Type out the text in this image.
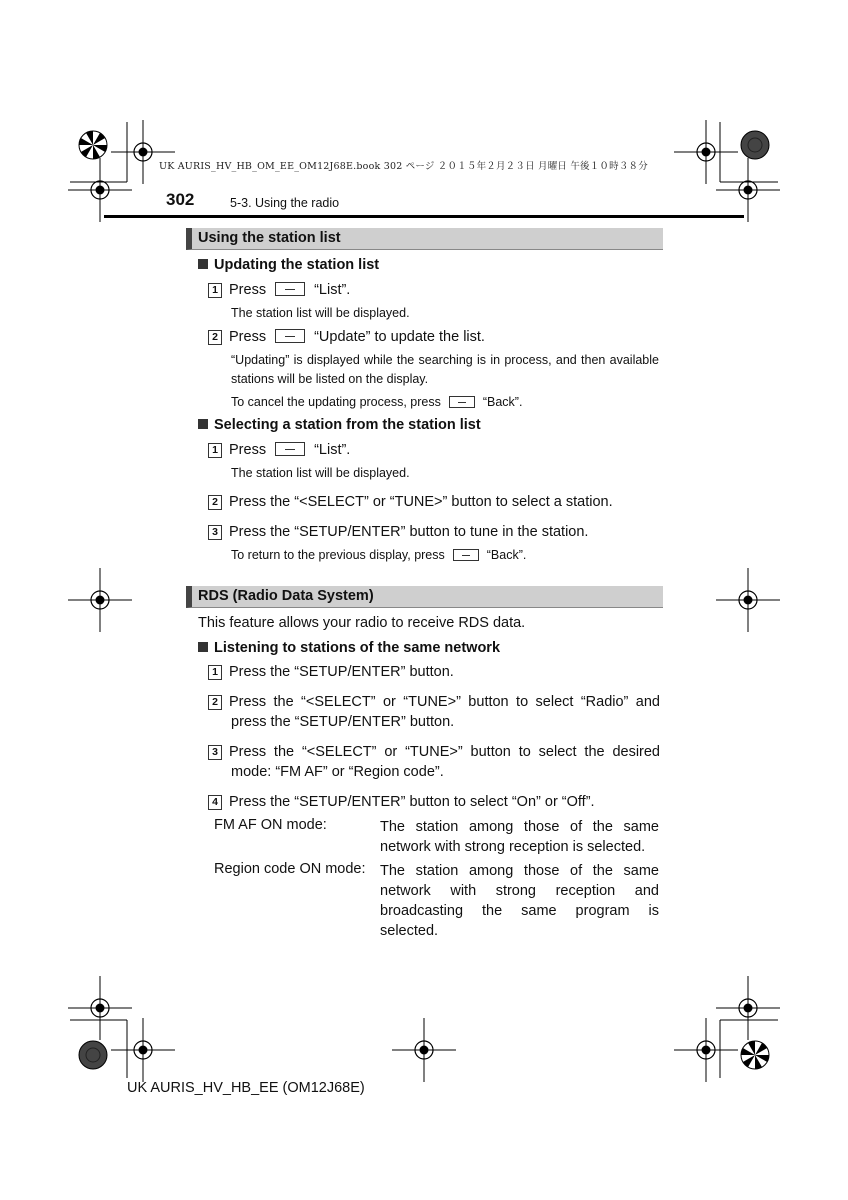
UK AURIS_HV_HB_OM_EE_OM12J68E.book 302 ページ ２０１５年２月２３日 月曜日 午後１０時３８分
302	5-3. Using the radio
Using the station list
Updating the station list
1 Press	“List”.
The station list will be displayed.
2 Press	“Update” to update the list.
“Updating” is displayed while the searching is in process, and then available stations will be listed on the display.
To cancel the updating process, press	“Back”.
Selecting a station from the station list
1 Press	“List”.
The station list will be displayed.
2 Press the “<SELECT” or “TUNE>” button to select a station.
3 Press the “SETUP/ENTER” button to tune in the station.
To return to the previous display, press	“Back”.
RDS (Radio Data System)
This feature allows your radio to receive RDS data.
Listening to stations of the same network
1 Press the “SETUP/ENTER” button.
2 Press the “<SELECT” or “TUNE>” button to select “Radio” and press the “SETUP/ENTER” button.
3 Press the “<SELECT” or “TUNE>” button to select the desired mode: “FM AF” or “Region code”.
4 Press the “SETUP/ENTER” button to select “On” or “Off”.
FM AF ON mode:	The station among those of the same network with strong reception is selected.
Region code ON mode: The station among those of the same network with strong reception and broadcasting the same program is selected.
UK AURIS_HV_HB_EE (OM12J68E)
